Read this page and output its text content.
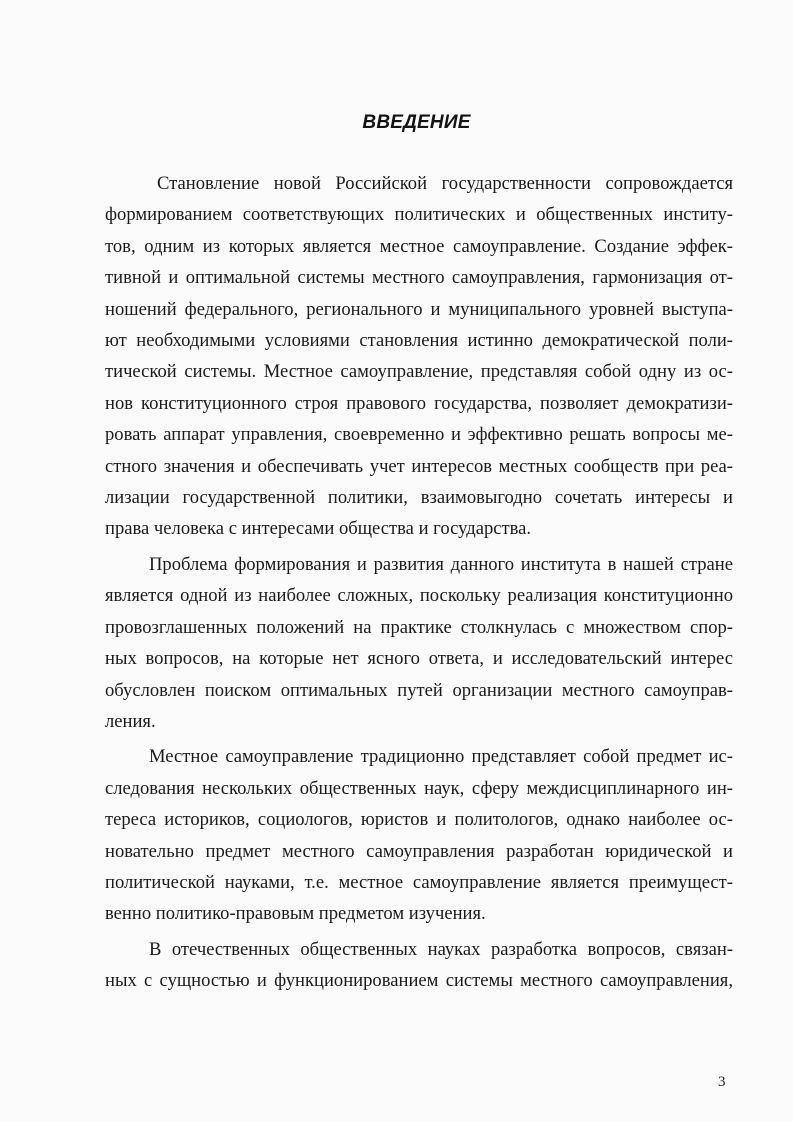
ВВЕДЕНИЕ

Становление новой Российской государственности сопровождается
формированием соответствующих политических и общественных институ-
тов, одним из которых является местное самоуправление. Создание эффек-
тивной и оптимальной системы местного самоуправления, гармонизация от-
ношений федерального, регионального и муниципального уровней выступа-
ют необходимыми условиями становления истинно демократической поли-
тической системы. Местное самоуправление, представляя собой одну из ос-
нов конституционного строя правового государства, позволяет демократизи-
ровать аппарат управления, своевременно и эффективно решать вопросы ме-
стного значения и обеспечивать учет интересов местных сообществ при реа-
лизации государственной политики, взаимовыгодно сочетать интересы и
права человека с интересами общества и государства.

Проблема формирования и развития данного института в нашей стране
является одной из наиболее сложных, поскольку реализация конституционно
провозглашенных положений на практике столкнулась с множеством спор-
ных вопросов, на которые нет ясного ответа, и исследовательский интерес
обусловлен поиском оптимальных путей организации местного самоуправ-
ления.

Местное самоуправление традиционно представляет собой предмет ис-
следования нескольких общественных наук, сферу междисциплинарного ин-
тереса историков, социологов, юристов и политологов, однако наиболее ос-
новательно предмет местного самоуправления разработан юридической и
политической науками, т.е. местное самоуправление является преимущест-
венно политико-правовым предметом изучения.

В отечественных общественных науках разработка вопросов, связан-
ных с сущностью и функционированием системы местного самоуправления,

3
